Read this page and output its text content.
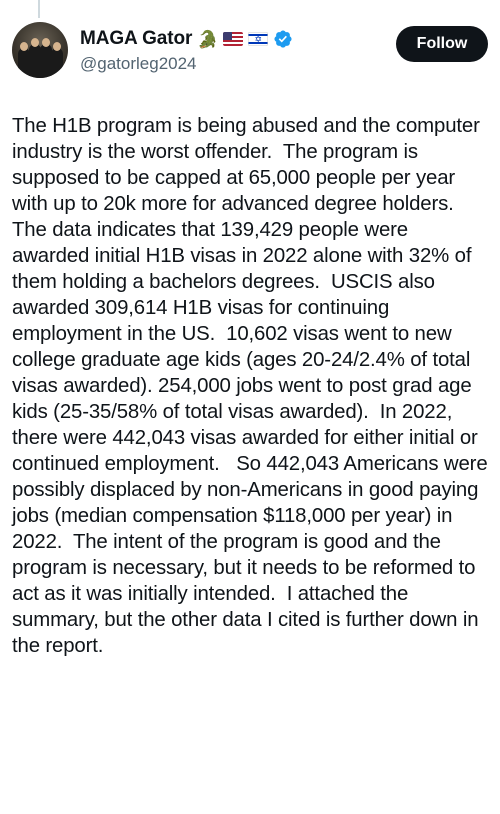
MAGA Gator 🐊
✡
@gatorleg2024
Follow
The H1B program is being abused and the computer industry is the worst offender.  The program is supposed to be capped at 65,000 people per year with up to 20k more for advanced degree holders.  The data indicates that 139,429 people were awarded initial H1B visas in 2022 alone with 32% of them holding a bachelors degrees.  USCIS also awarded 309,614 H1B visas for continuing employment in the US.  10,602 visas went to new college graduate age kids (ages 20-24/2.4% of total visas awarded). 254,000 jobs went to post grad age kids (25-35/58% of total visas awarded).  In 2022, there were 442,043 visas awarded for either initial or continued employment.   So 442,043 Americans were possibly displaced by non-Americans in good paying jobs (median compensation $118,000 per year) in 2022.  The intent of the program is good and the program is necessary, but it needs to be reformed to act as it was initially intended.  I attached the summary, but the other data I cited is further down in the report.
